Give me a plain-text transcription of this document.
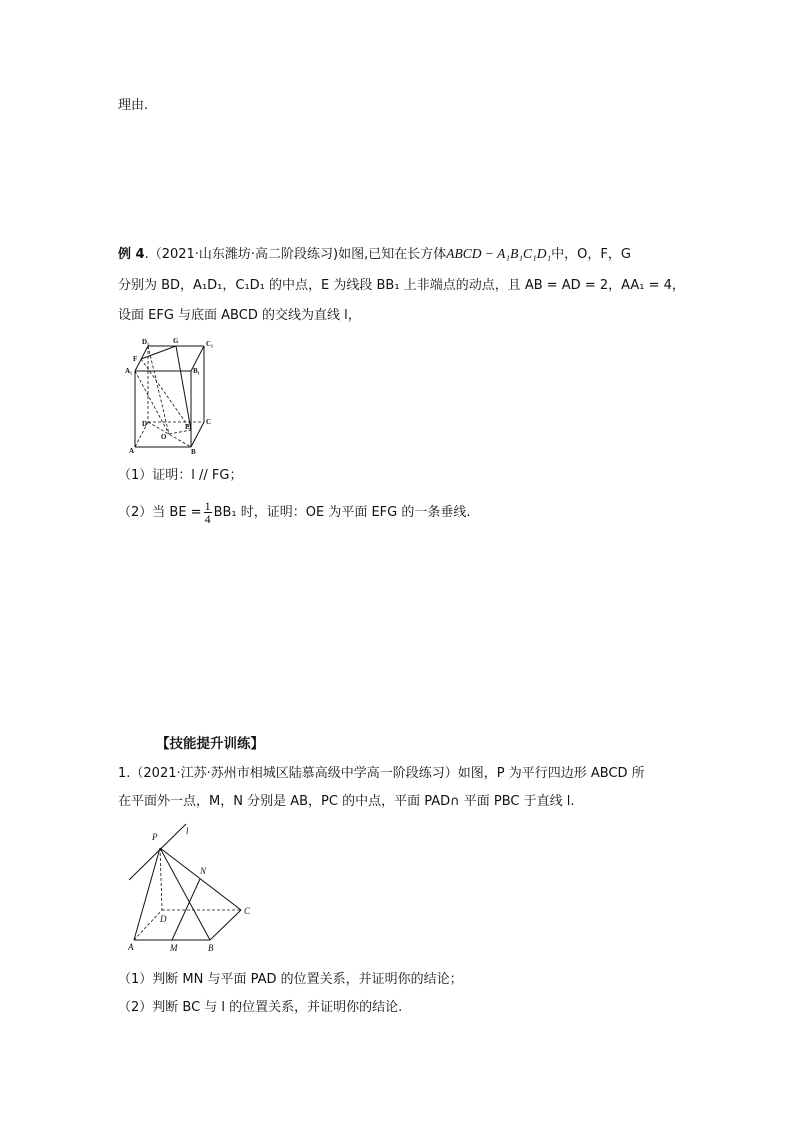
理由.
例 4.（2021·山东潍坊·高二阶段练习)如图,已知在长方体ABCD − A₁B₁C₁D₁中，O，F，G
分别为 BD，A₁D₁，C₁D₁ 的中点，E 为线段 BB₁ 上非端点的动点，且 AB = AD = 2，AA₁ = 4，
设面 EFG 与底面 ABCD 的交线为直线 l，
D₁	G	C₁
F
A₁	B₁
D	E
C
O
A	B
（1）证明：l // FG；
（2）当 BE = $\frac{1}{4} BB_1$ 时，证明：OE 为平面 EFG 的一条垂线.
【技能提升训练】
1.（2021·江苏·苏州市相城区陆慕高级中学高一阶段练习）如图，P 为平行四边形 ABCD 所
在平面外一点，M，N 分别是 AB，PC 的中点，平面 PAD∩ 平面 PBC 于直线 l.
P
l
N
C
D
A	M	B
（1）判断 MN 与平面 PAD 的位置关系，并证明你的结论；
（2）判断 BC 与 l 的位置关系，并证明你的结论.
